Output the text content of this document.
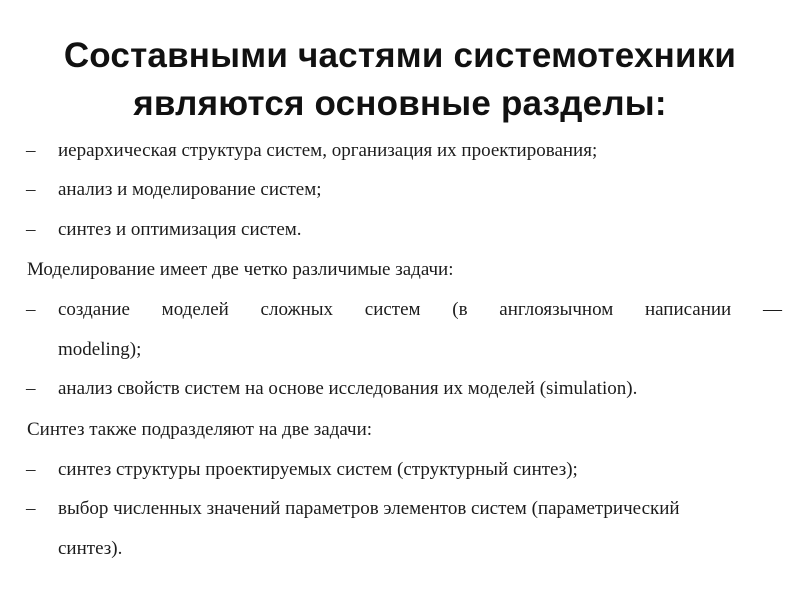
Составными частями системотехники
являются основные разделы:
–	иерархическая структура систем, организация их проектирования;
–	анализ и моделирование систем;
–	синтез и оптимизация систем.
Моделирование имеет две четко различимые задачи:
–	создание моделей сложных систем (в англоязычном написании —
modeling);
–	анализ свойств систем на основе исследования их моделей (simulation).
Синтез также подразделяют на две задачи:
–	синтез структуры проектируемых систем (структурный синтез);
–	выбор численных значений параметров элементов систем (параметрический
синтез).
